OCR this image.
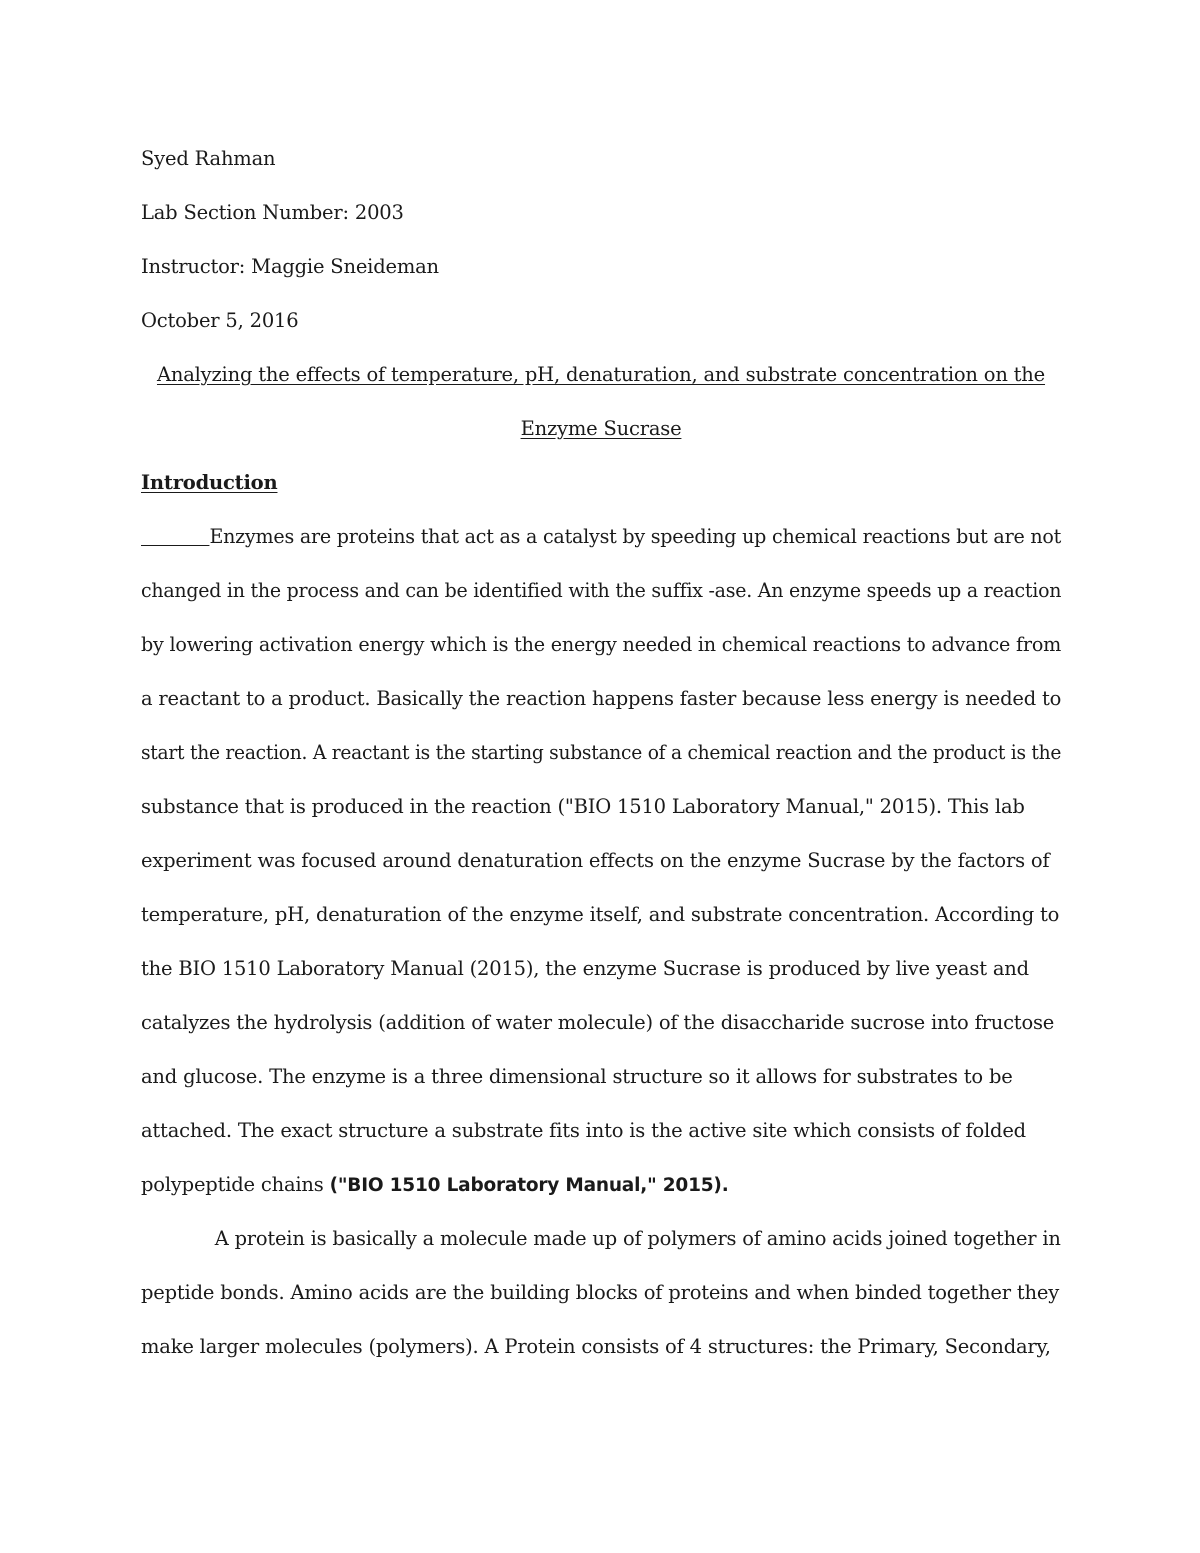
Syed Rahman
Lab Section Number: 2003
Instructor: Maggie Sneideman
October 5, 2016
Analyzing the effects of temperature, pH, denaturation, and substrate concentration on the
Enzyme Sucrase
Introduction
Enzymes are proteins that act as a catalyst by speeding up chemical reactions but are not
changed in the process and can be identified with the suffix -ase. An enzyme speeds up a reaction
by lowering activation energy which is the energy needed in chemical reactions to advance from
a reactant to a product. Basically the reaction happens faster because less energy is needed to
start the reaction. A reactant is the starting substance of a chemical reaction and the product is the
substance that is produced in the reaction ("BIO 1510 Laboratory Manual," 2015). This lab
experiment was focused around denaturation effects on the enzyme Sucrase by the factors of
temperature, pH, denaturation of the enzyme itself, and substrate concentration. According to
the BIO 1510 Laboratory Manual (2015), the enzyme Sucrase is produced by live yeast and
catalyzes the hydrolysis (addition of water molecule) of the disaccharide sucrose into fructose
and glucose. The enzyme is a three dimensional structure so it allows for substrates to be
attached. The exact structure a substrate fits into is the active site which consists of folded
polypeptide chains ("BIO 1510 Laboratory Manual," 2015).
A protein is basically a molecule made up of polymers of amino acids joined together in
peptide bonds. Amino acids are the building blocks of proteins and when binded together they
make larger molecules (polymers). A Protein consists of 4 structures: the Primary, Secondary,
